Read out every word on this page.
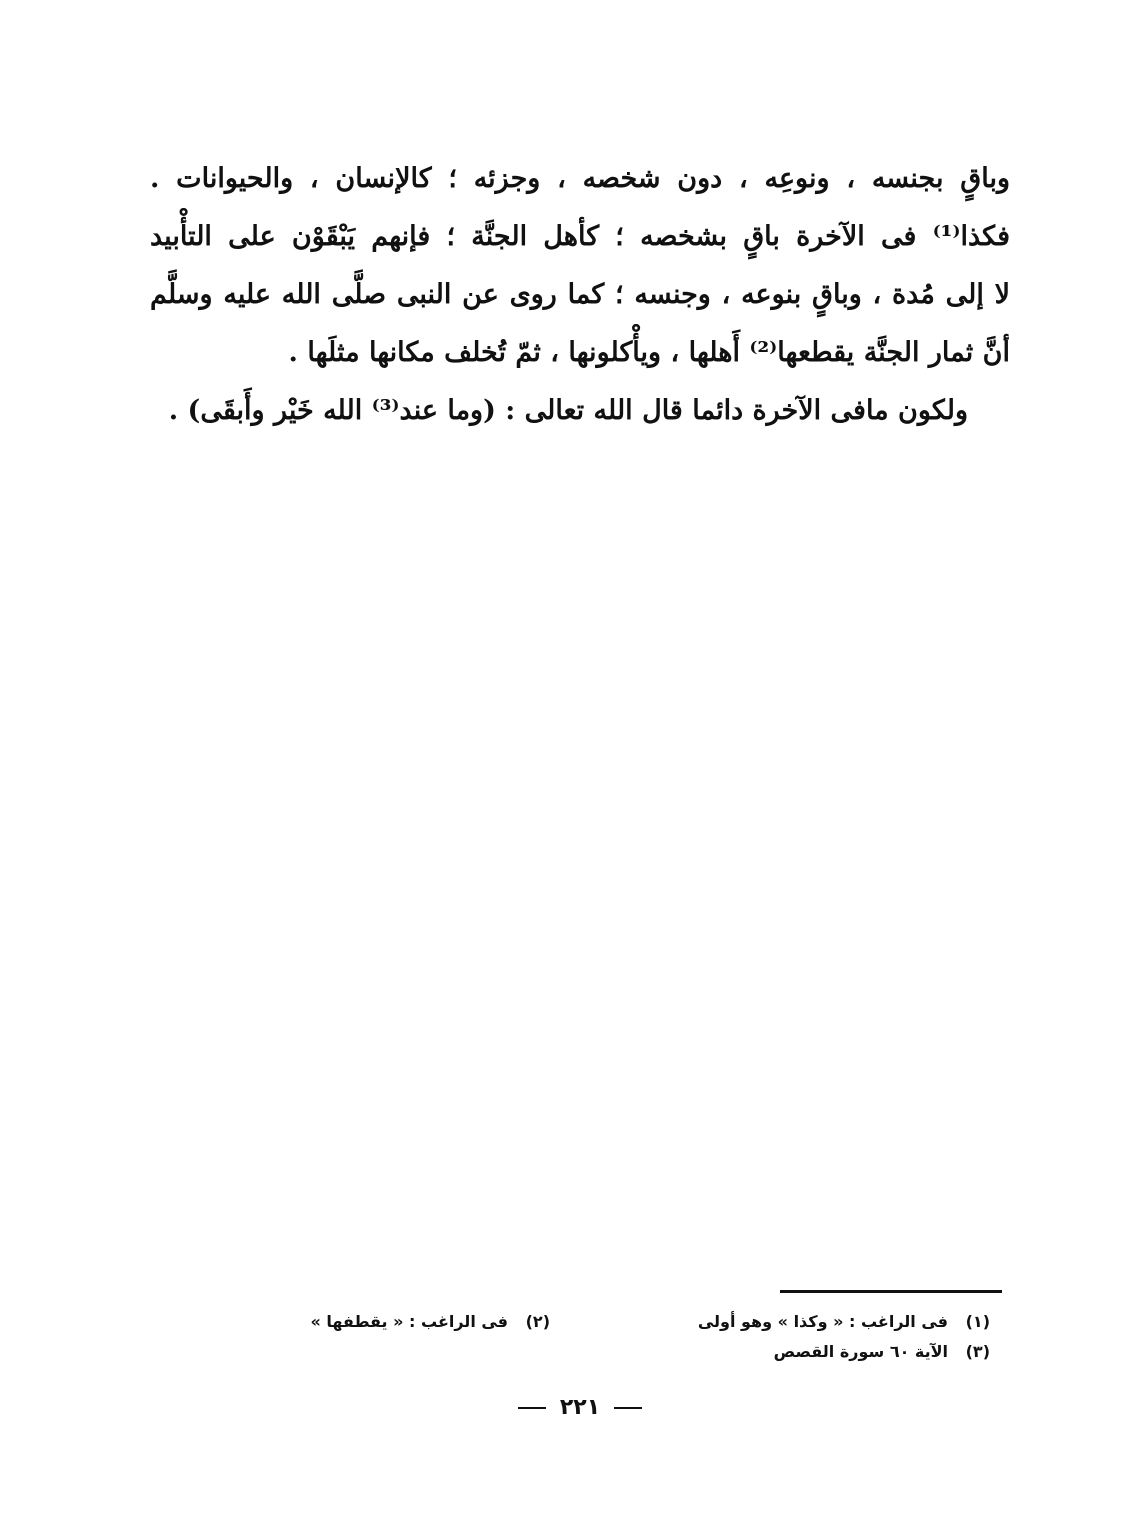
وباقٍ بجنسه ، ونوعِه ، دون شخصه ، وجزئه ؛ كالإنسان ، والحيوانات .
فكذا⁽¹⁾ فى الآخرة باقٍ بشخصه ؛ كأهل الجنَّة ؛ فإنهم يَبْقَوْن على التأْبيد
لا إلى مُدة ، وباقٍ بنوعه ، وجنسه ؛ كما روى عن النبى صلَّى الله عليه وسلَّم
أنَّ ثمار الجنَّة يقطعها⁽²⁾ أَهلها ، ويأْكلونها ، ثمّ تُخلف مكانها مثلَها .
ولكون مافى الآخرة دائما قال الله تعالى : (وما عند⁽³⁾ الله خَيْر وأَبقَى) .
(١) فى الراغب : « وكذا » وهو أولى
(٢) فى الراغب : « يقطفها »
(٣) الآية ٦٠ سورة القصص
٢٢١
